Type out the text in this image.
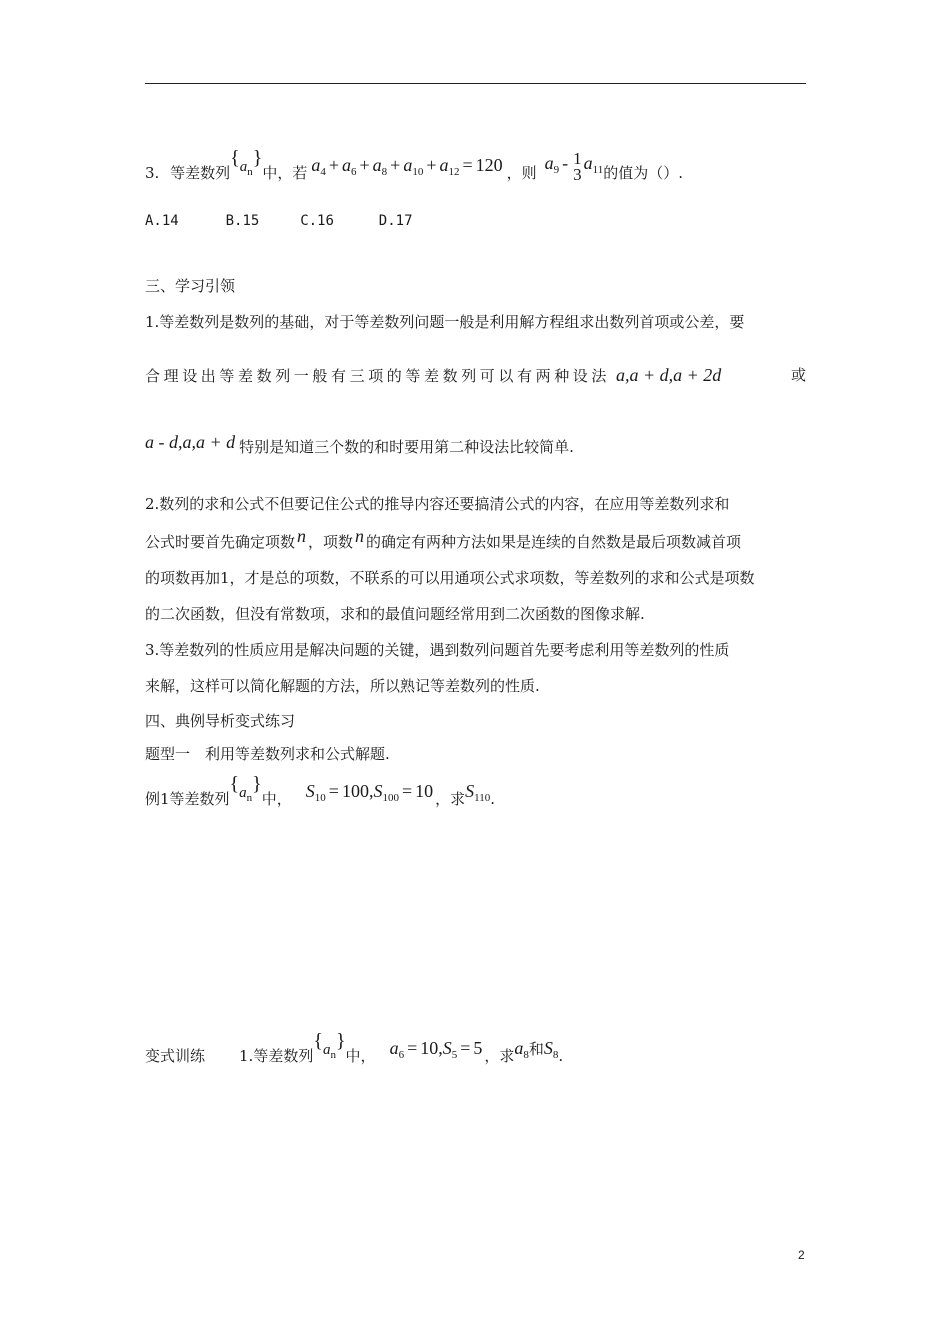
3. 等差数列$\{a_n\}$中，若 $a_4 + a_6 + a_8 + a_{10} + a_{12} = 120$ ，则 $a^9 - 1$
3
$a^{11}$的值为（）.
A.14	B.15	C.16	D.17
三、学习引领
1.等差数列是数列的基础，对于等差数列问题一般是利用解方程组求出数列首项或公差，要
合理设出等差数列一般有三项的等差数列可以有两种设法 a,a + d,a + 2d	或
a - d,a,a + d 特别是知道三个数的和时要用第二种设法比较简单.
2.数列的求和公式不但要记住公式的推导内容还要搞清公式的内容，在应用等差数列求和
公式时要首先确定项数 n ，项数 n 的确定有两种方法如果是连续的自然数是最后项数减首项
的项数再加1，才是总的项数，不联系的可以用通项公式求项数，等差数列的求和公式是项数
的二次函数，但没有常数项，求和的最值问题经常用到二次函数的图像求解.
3.等差数列的性质应用是解决问题的关键，遇到数列问题首先要考虑利用等差数列的性质
来解，这样可以简化解题的方法，所以熟记等差数列的性质.
四、典例导析变式练习
题型一　利用等差数列求和公式解题.
例1等差数列$\{a_n\}$中， $S_{10} = 100,S_{100} = 10$ ，求$S_{110}$.
变式训练 1.等差数列$\{a_n\}$中， $a_6 = 10,S_5 = 5$ ，求$a_8$和$S_8$.
2
